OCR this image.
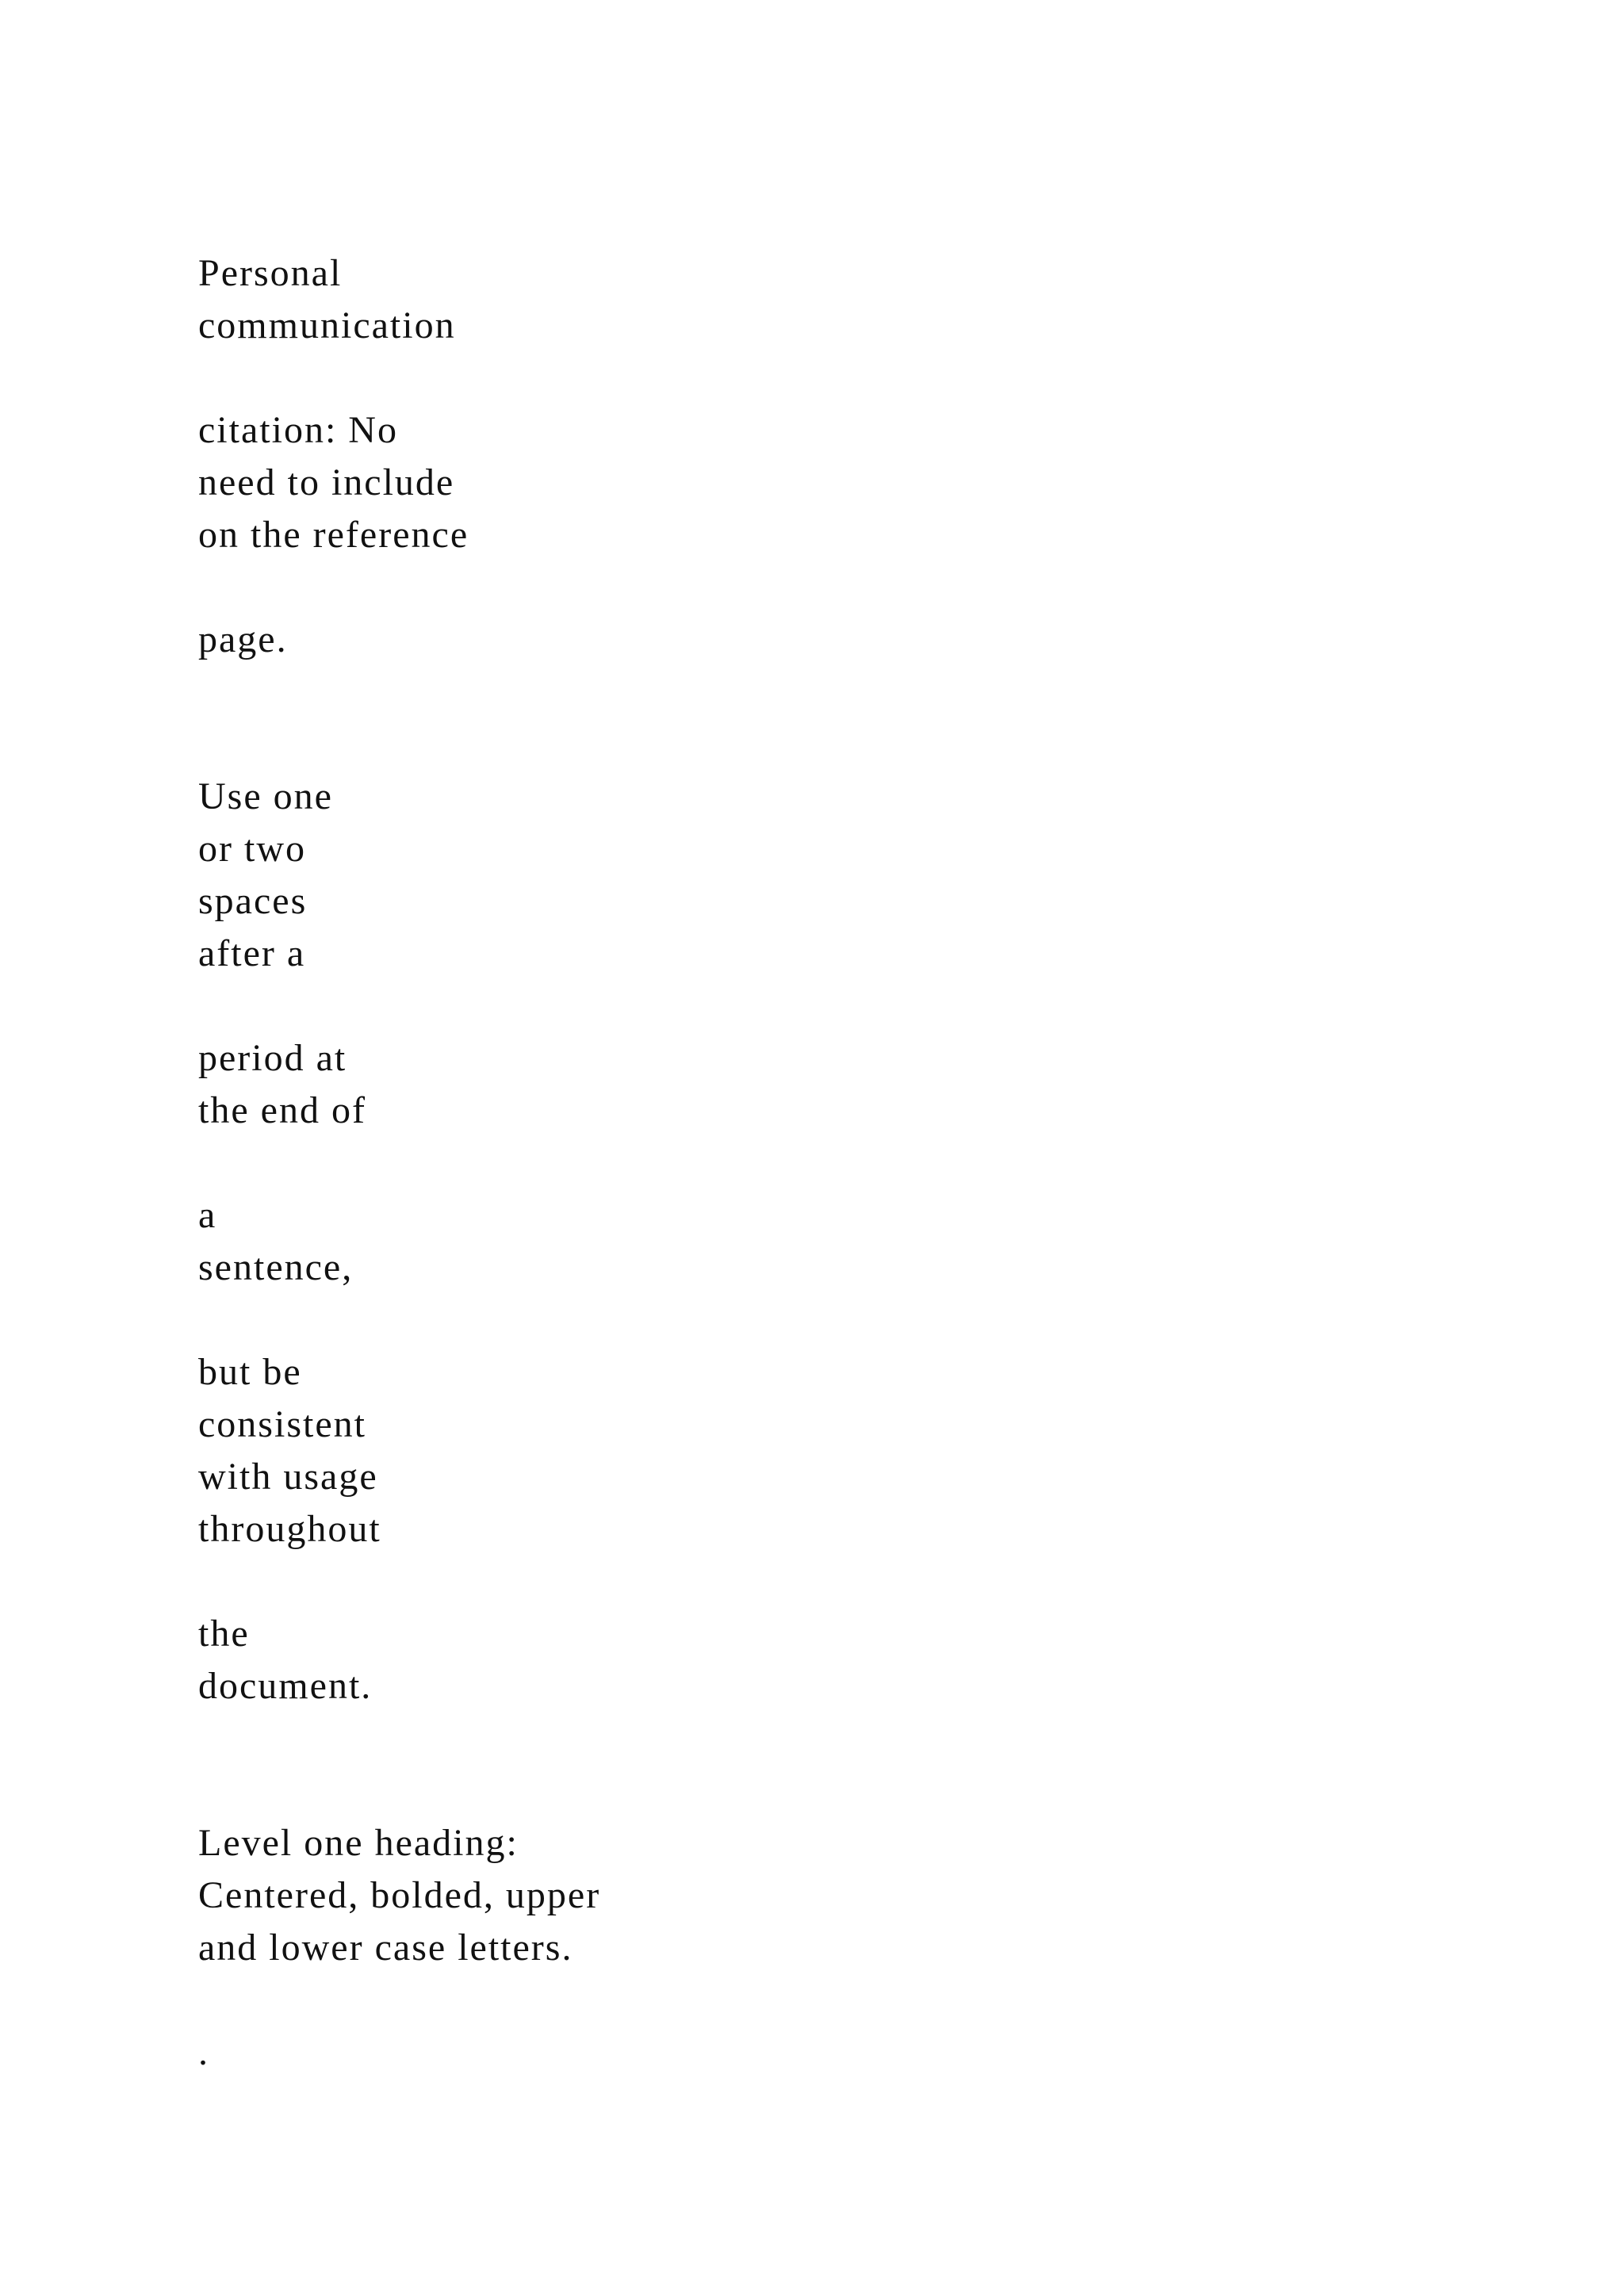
Personal
communication
citation: No
need to include
on the reference
page.
Use one
or two
spaces
after a
period at
the end of
a
sentence,
but be
consistent
with usage
throughout
the
document.
Level one heading:
Centered, bolded, upper
and lower case letters.
.
